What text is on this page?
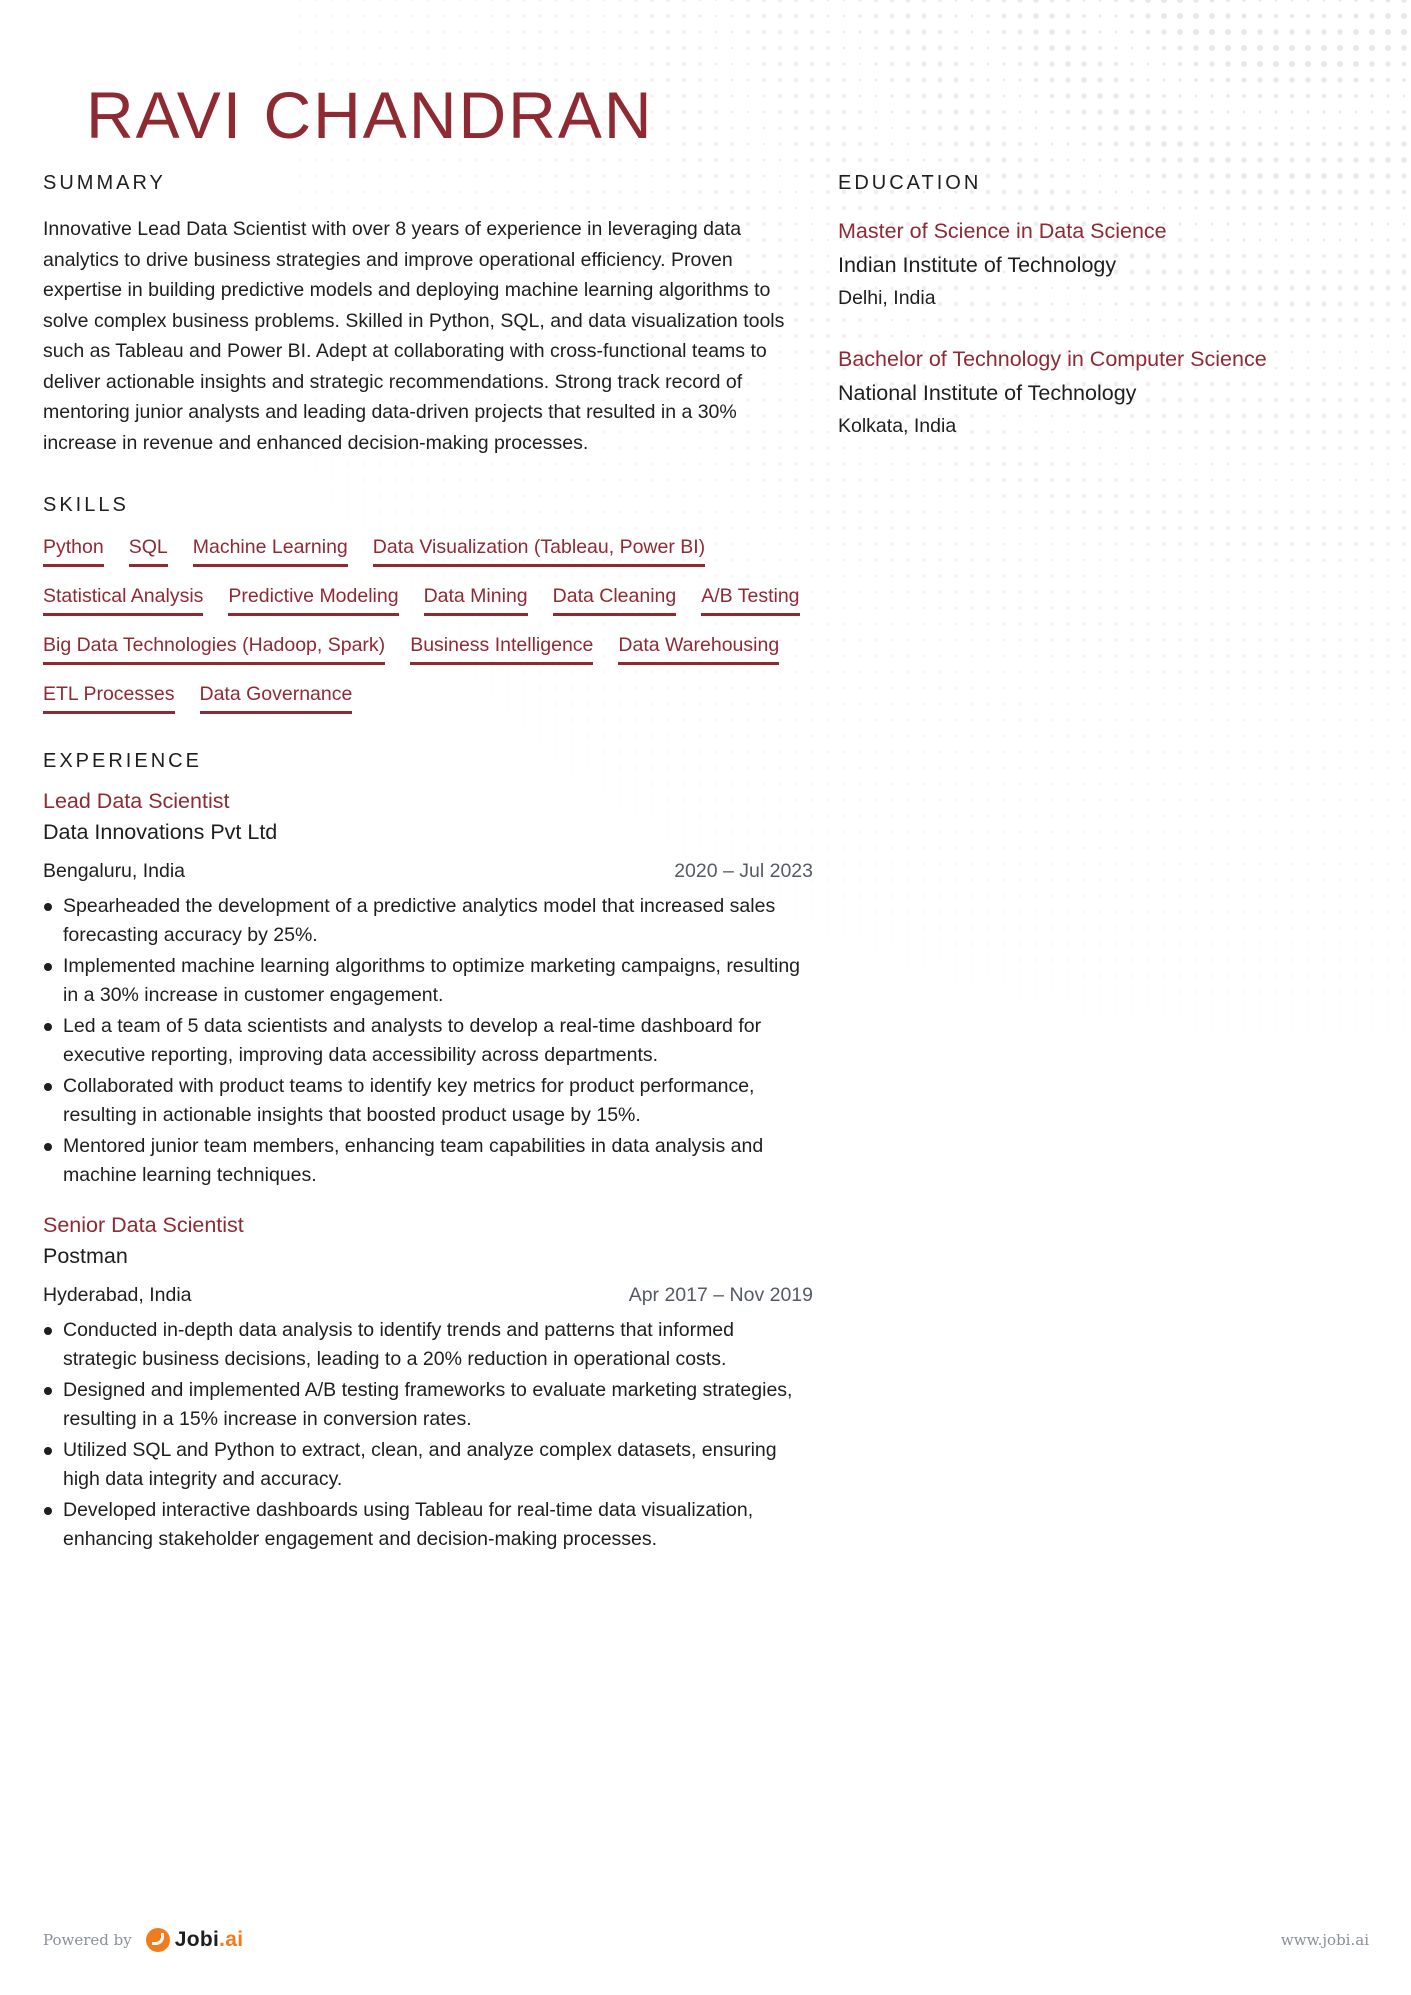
RAVI CHANDRAN
SUMMARY

Innovative Lead Data Scientist with over 8 years of experience in leveraging data analytics to drive business strategies and improve operational efficiency. Proven expertise in building predictive models and deploying machine learning algorithms to solve complex business problems. Skilled in Python, SQL, and data visualization tools such as Tableau and Power BI. Adept at collaborating with cross-functional teams to deliver actionable insights and strategic recommendations. Strong track record of mentoring junior analysts and leading data-driven projects that resulted in a 30% increase in revenue and enhanced decision-making processes.

SKILLS
Python SQL Machine Learning Data Visualization (Tableau, Power BI)
Statistical Analysis Predictive Modeling Data Mining Data Cleaning A/B Testing
Big Data Technologies (Hadoop, Spark) Business Intelligence Data Warehousing
ETL Processes Data Governance
EXPERIENCE
Lead Data Scientist
Data Innovations Pvt Ltd
Bengaluru, India	2020 – Jul 2023
Spearheaded the development of a predictive analytics model that increased sales forecasting accuracy by 25%.
Implemented machine learning algorithms to optimize marketing campaigns, resulting in a 30% increase in customer engagement.
Led a team of 5 data scientists and analysts to develop a real-time dashboard for executive reporting, improving data accessibility across departments.
Collaborated with product teams to identify key metrics for product performance, resulting in actionable insights that boosted product usage by 15%.
Mentored junior team members, enhancing team capabilities in data analysis and machine learning techniques.
Senior Data Scientist
Postman
Hyderabad, India	Apr 2017 – Nov 2019
Conducted in-depth data analysis to identify trends and patterns that informed strategic business decisions, leading to a 20% reduction in operational costs.
Designed and implemented A/B testing frameworks to evaluate marketing strategies, resulting in a 15% increase in conversion rates.
Utilized SQL and Python to extract, clean, and analyze complex datasets, ensuring high data integrity and accuracy.
Developed interactive dashboards using Tableau for real-time data visualization, enhancing stakeholder engagement and decision-making processes.
EDUCATION
Master of Science in Data Science
Indian Institute of Technology
Delhi, India
Bachelor of Technology in Computer Science
National Institute of Technology
Kolkata, India
Powered by Jobi.ai	www.jobi.ai
